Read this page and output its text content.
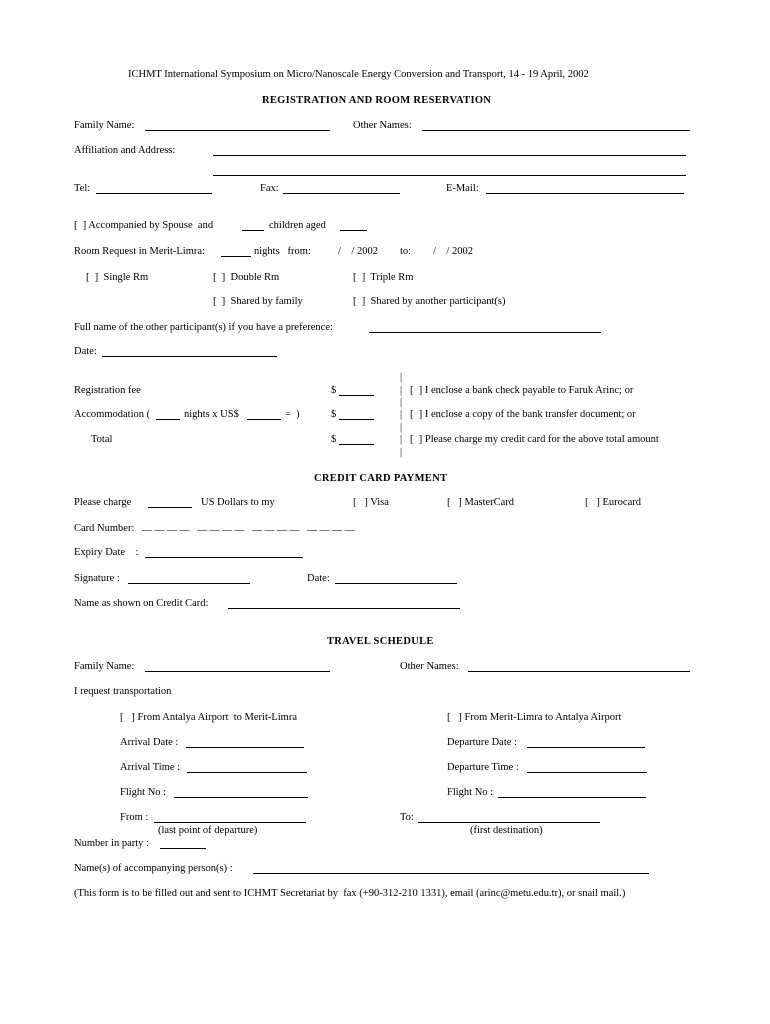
ICHMT International Symposium on Micro/Nanoscale Energy Conversion and Transport, 14 - 19 April, 2002
REGISTRATION AND ROOM RESERVATION
Family Name:	Other Names:
Affiliation and Address:
Tel:	Fax:	E-Mail:
[  ] Accompanied by Spouse  and	children aged
Room Request in Merit-Limra:	nights   from:	/    / 2002 to: /    / 2002
[  ]  Single Rm	[  ]  Double Rm	[  ]  Triple Rm
[  ]  Shared by family	[  ]  Shared by another participant(s)
Full name of the other participant(s) if you have a preference:
Date:
|
Registration fee	$	| [  ] I enclose a bank check payable to Faruk Arinc; or
|
Accommodation (	nights x US$	=  )	$	| [  ] I enclose a copy of the bank transfer document; or
|
Total	$	| [  ] Please charge my credit card for the above total amount
|
CREDIT CARD PAYMENT
Please charge	US Dollars to my	[   ] Visa	[   ] MasterCard	[   ] Eurocard
Card Number: __ __ __ __   __ __ __ __   __ __ __ __   __ __ __ __
Expiry Date    :
Signature :	Date:
Name as shown on Credit Card:
TRAVEL SCHEDULE
Family Name:	Other Names:
I request transportation
[   ] From Antalya Airport  to Merit-Limra	[   ] From Merit-Limra to Antalya Airport
Arrival Date :	Departure Date :
Arrival Time :	Departure Time :
Flight No :	Flight No :
From :	To:
(last point of departure)	(first destination)
Number in party :
Name(s) of accompanying person(s) :
(This form is to be filled out and sent to ICHMT Secretariat by  fax (+90-312-210 1331), email (arinc@metu.edu.tr), or snail mail.)
